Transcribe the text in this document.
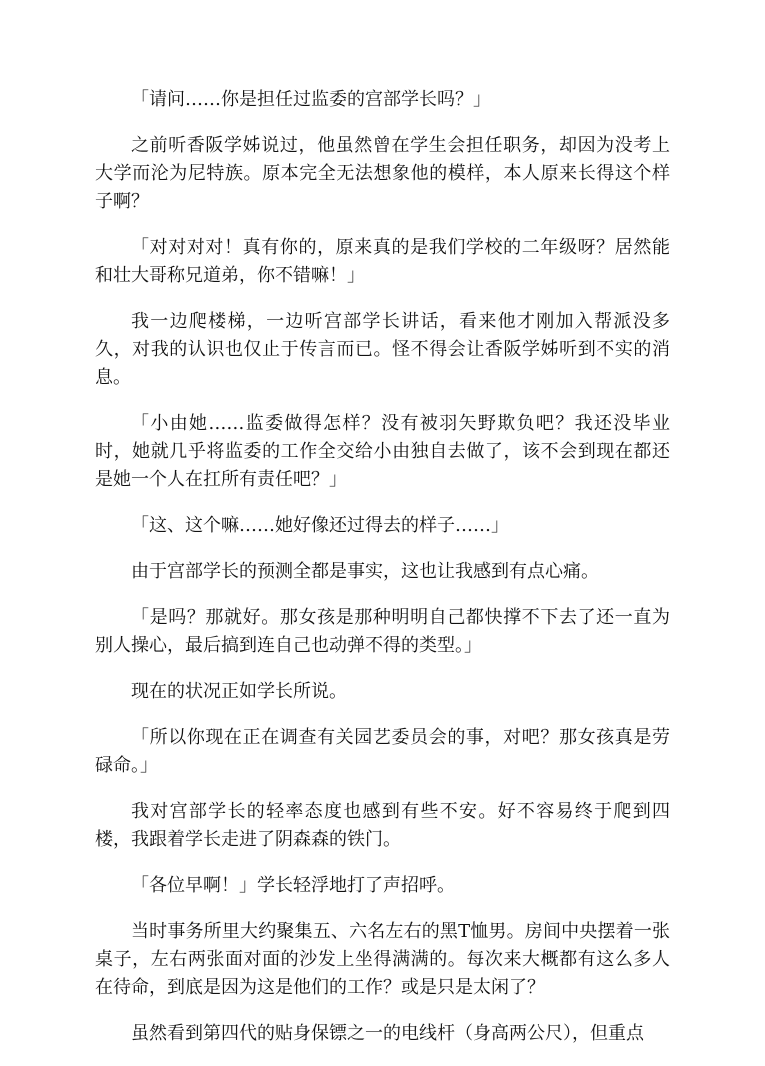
「请问……你是担任过监委的宫部学长吗？」

之前听香阪学姊说过，他虽然曾在学生会担任职务，却因为没考上大学而沦为尼特族。原本完全无法想象他的模样，本人原来长得这个样子啊？

「对对对对！真有你的，原来真的是我们学校的二年级呀？居然能和壮大哥称兄道弟，你不错嘛！」

我一边爬楼梯，一边听宫部学长讲话，看来他才刚加入帮派没多久，对我的认识也仅止于传言而已。怪不得会让香阪学姊听到不实的消息。

「小由她……监委做得怎样？没有被羽矢野欺负吧？我还没毕业时，她就几乎将监委的工作全交给小由独自去做了，该不会到现在都还是她一个人在扛所有责任吧？」

「这、这个嘛……她好像还过得去的样子……」

由于宫部学长的预测全都是事实，这也让我感到有点心痛。

「是吗？那就好。那女孩是那种明明自己都快撑不下去了还一直为别人操心，最后搞到连自己也动弹不得的类型。」

现在的状况正如学长所说。

「所以你现在正在调查有关园艺委员会的事，对吧？那女孩真是劳碌命。」

我对宫部学长的轻率态度也感到有些不安。好不容易终于爬到四楼，我跟着学长走进了阴森森的铁门。

「各位早啊！」学长轻浮地打了声招呼。

当时事务所里大约聚集五、六名左右的黑T恤男。房间中央摆着一张桌子，左右两张面对面的沙发上坐得满满的。每次来大概都有这么多人在待命，到底是因为这是他们的工作？或是只是太闲了？

虽然看到第四代的贴身保镖之一的电线杆（身高两公尺），但重点
